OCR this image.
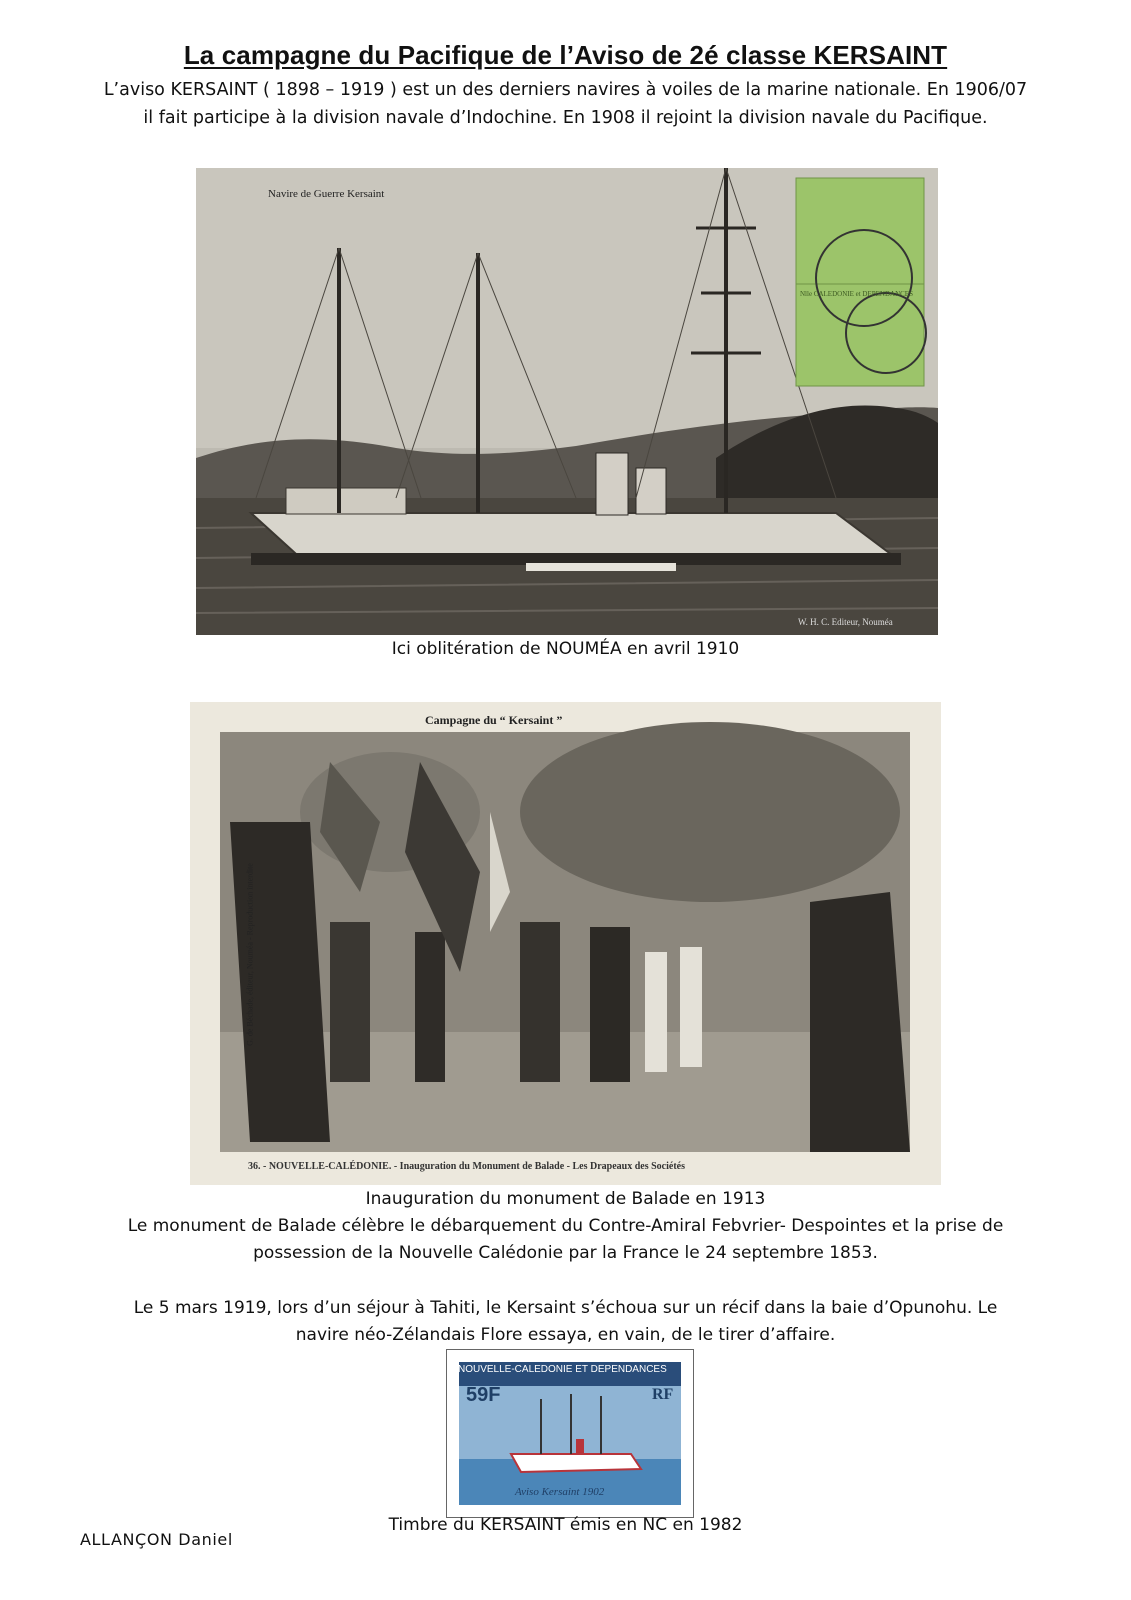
La campagne du Pacifique de l’Aviso de 2é classe KERSAINT
L’aviso KERSAINT ( 1898 – 1919 ) est un des derniers navires à voiles de la marine nationale. En 1906/07
il fait participe à la division navale d’Indochine. En 1908 il rejoint la division navale du Pacifique.
Navire de Guerre Kersaint
W. H. C. Editeur, Nouméa
Nlle CALEDONIE et DEPENDANCES
Ici oblitération de NOUMÉA en avril 1910
Campagne du “ Kersaint ”
G. de Béchade, éditeur, Nouméa - Reproduction interdite
36. - NOUVELLE-CALÉDONIE. - Inauguration du Monument de Balade - Les Drapeaux des Sociétés
Inauguration du monument de Balade en 1913
Le monument de Balade célèbre le débarquement du Contre-Amiral Febvrier- Despointes et la prise de
possession de la Nouvelle Calédonie par la France le 24 septembre 1853.
Le 5 mars 1919, lors d’un séjour à Tahiti, le Kersaint s’échoua sur un récif dans la baie d’Opunohu. Le
navire néo-Zélandais Flore essaya, en vain, de le tirer d’affaire.
NOUVELLE-CALEDONIE ET DEPENDANCES
59F	RF
Aviso Kersaint 1902
Timbre du KERSAINT émis en NC en 1982
ALLANÇON Daniel
